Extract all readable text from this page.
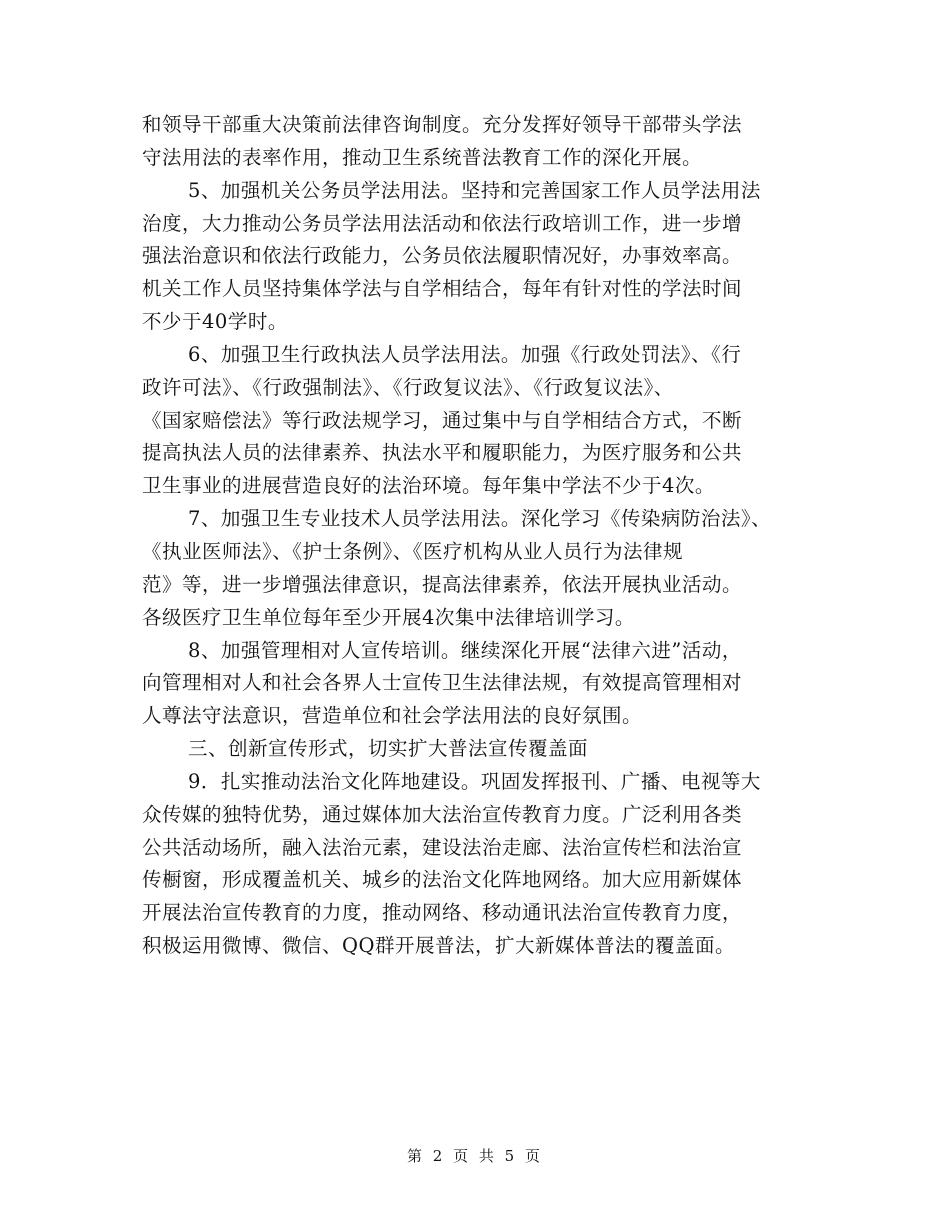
和领导干部重大决策前法律咨询制度。充分发挥好领导干部带头学法
守法用法的表率作用，推动卫生系统普法教育工作的深化开展。
5、加强机关公务员学法用法。坚持和完善国家工作人员学法用法
治度，大力推动公务员学法用法活动和依法行政培训工作，进一步增
强法治意识和依法行政能力，公务员依法履职情况好，办事效率高。
机关工作人员坚持集体学法与自学相结合，每年有针对性的学法时间
不少于40学时。
6、加强卫生行政执法人员学法用法。加强《行政处罚法》、《行
政许可法》、《行政强制法》、《行政复议法》、《行政复议法》、
《国家赔偿法》等行政法规学习，通过集中与自学相结合方式，不断
提高执法人员的法律素养、执法水平和履职能力，为医疗服务和公共
卫生事业的进展营造良好的法治环境。每年集中学法不少于4次。
7、加强卫生专业技术人员学法用法。深化学习《传染病防治法》、
《执业医师法》、《护士条例》、《医疗机构从业人员行为法律规
范》等，进一步增强法律意识，提高法律素养，依法开展执业活动。
各级医疗卫生单位每年至少开展4次集中法律培训学习。
8、加强管理相对人宣传培训。继续深化开展“法律六进”活动，
向管理相对人和社会各界人士宣传卫生法律法规，有效提高管理相对
人尊法守法意识，营造单位和社会学法用法的良好氛围。
三、创新宣传形式，切实扩大普法宣传覆盖面
9．扎实推动法治文化阵地建设。巩固发挥报刊、广播、电视等大
众传媒的独特优势，通过媒体加大法治宣传教育力度。广泛利用各类
公共活动场所，融入法治元素，建设法治走廊、法治宣传栏和法治宣
传橱窗，形成覆盖机关、城乡的法治文化阵地网络。加大应用新媒体
开展法治宣传教育的力度，推动网络、移动通讯法治宣传教育力度，
积极运用微博、微信、QQ群开展普法，扩大新媒体普法的覆盖面。
第 2 页 共 5 页
